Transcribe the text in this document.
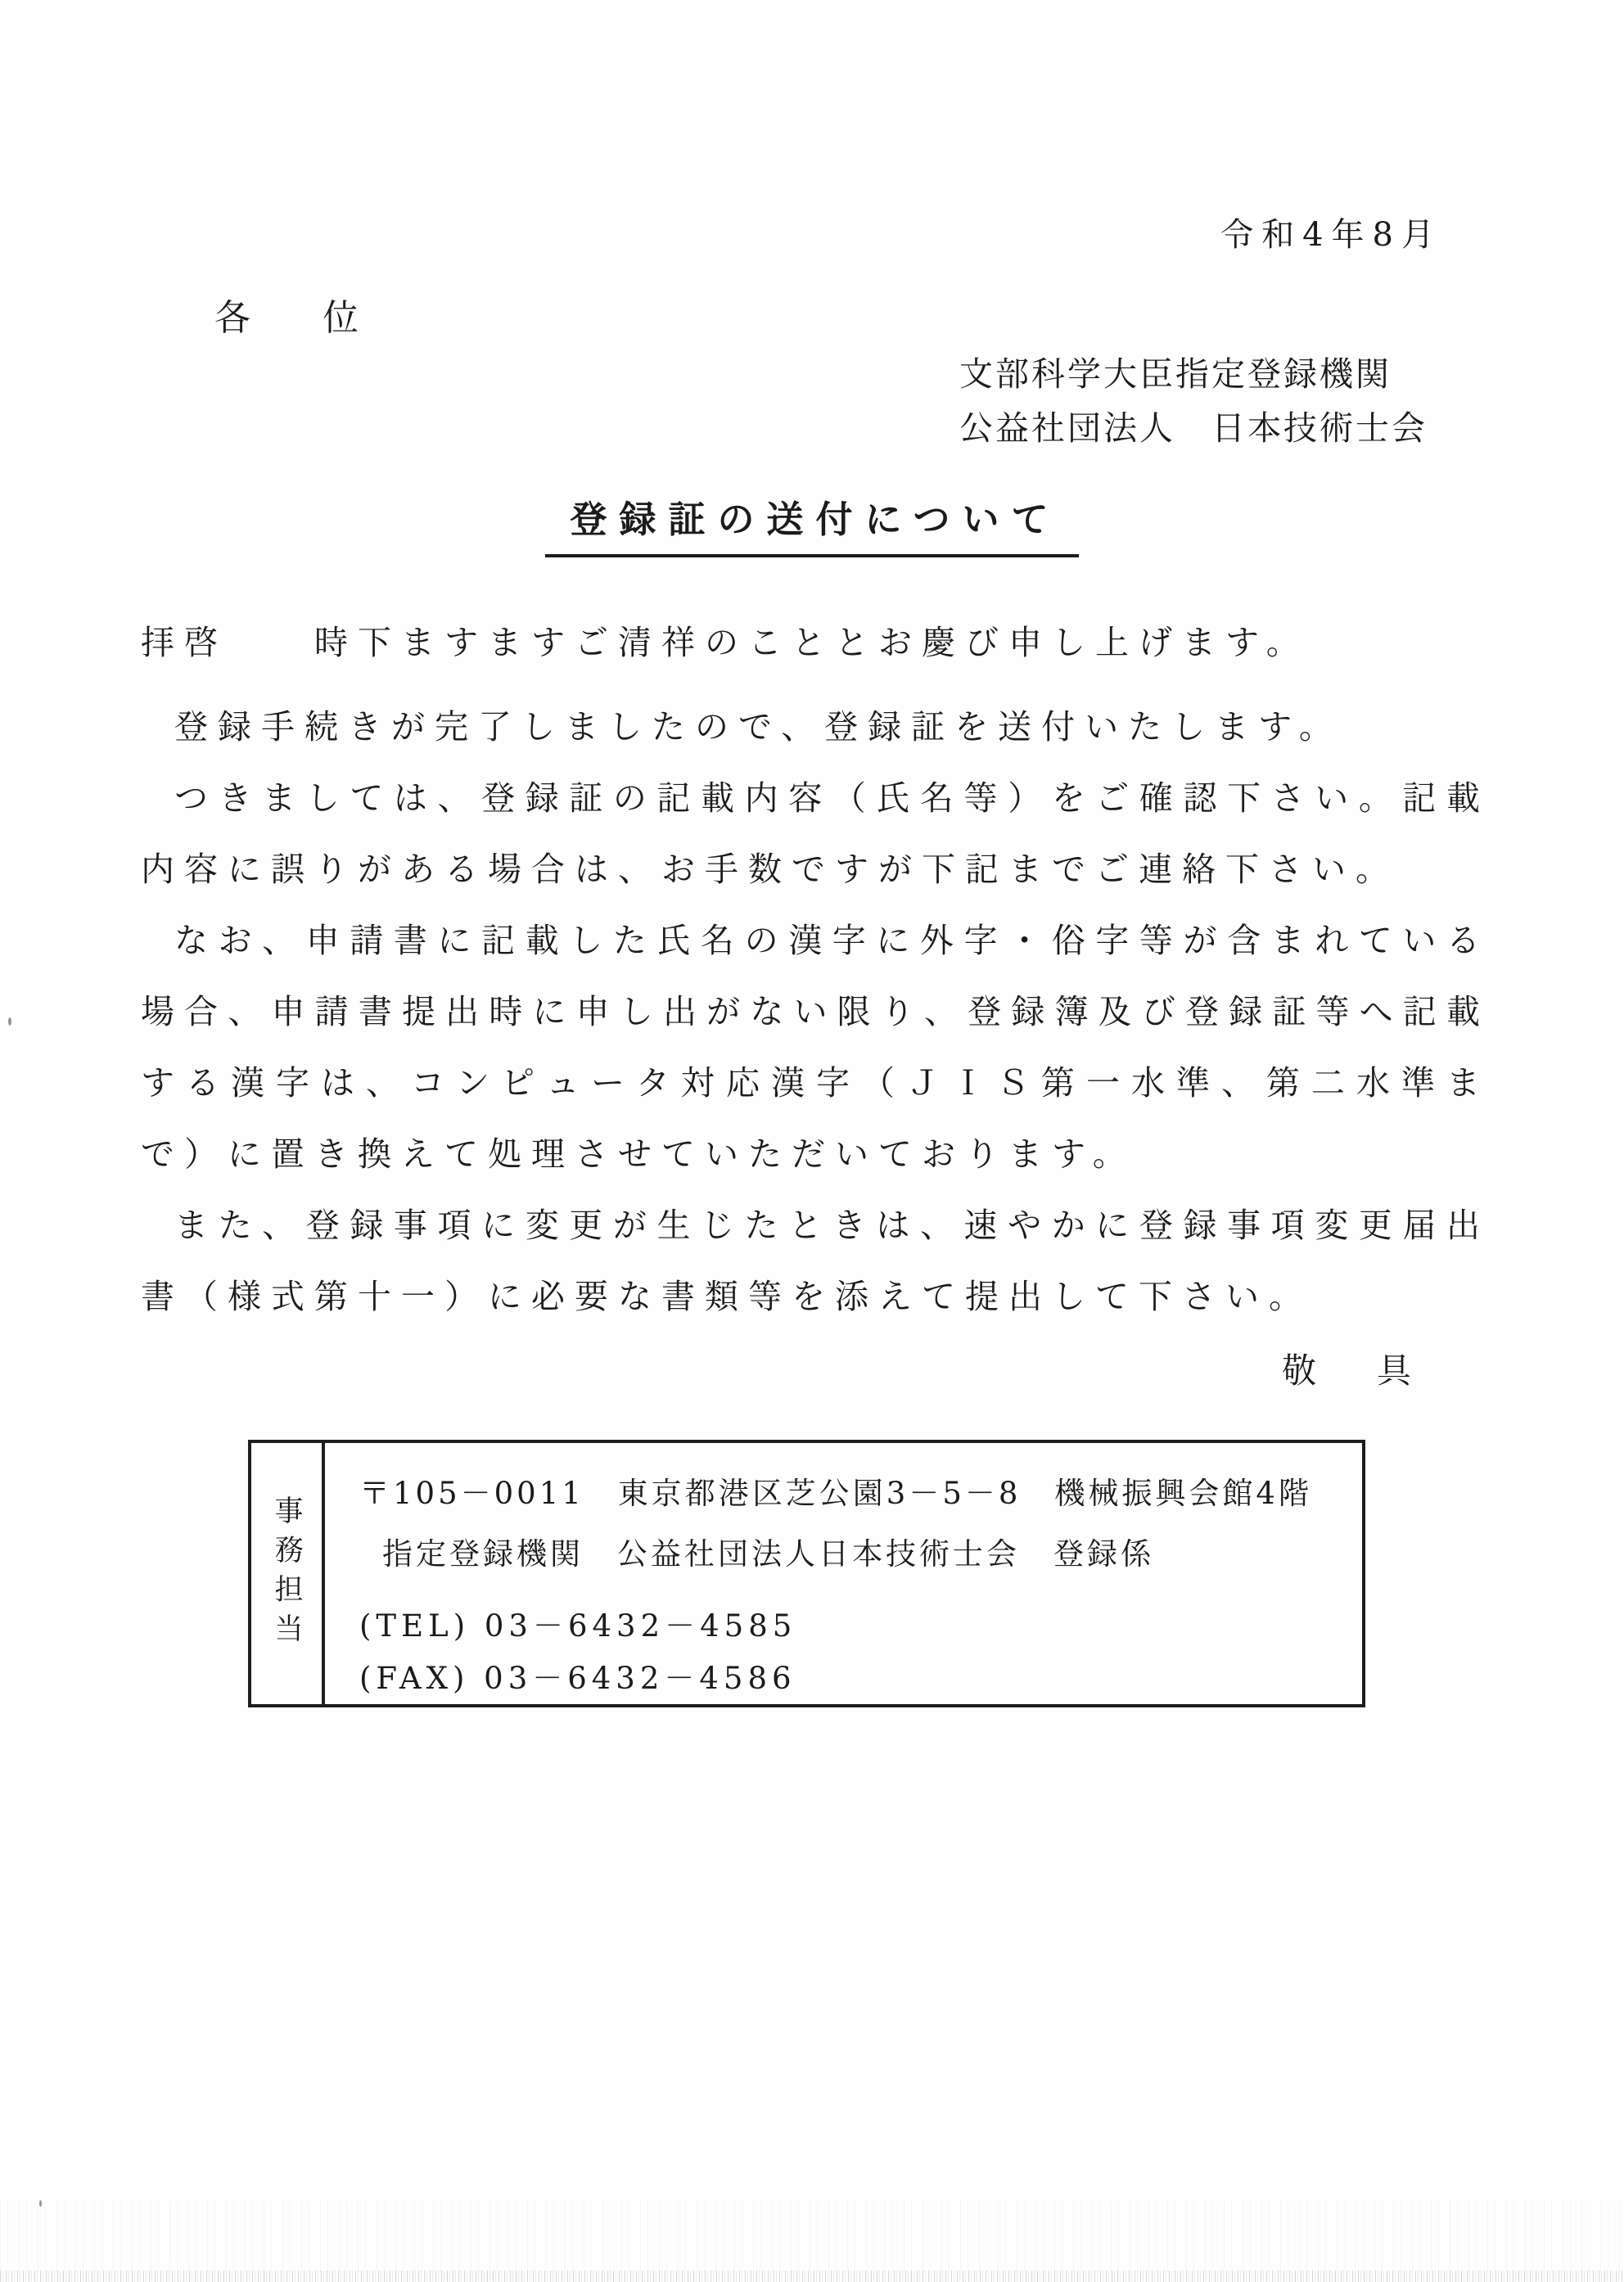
令和4年8月
各　位
文部科学大臣指定登録機関
公益社団法人　日本技術士会
登録証の送付について

拝啓　　時下ますますご清祥のこととお慶び申し上げます。

登録手続きが完了しましたので、登録証を送付いたします。

つきましては、登録証の記載内容（氏名等）をご確認下さい。記載内容に誤りがある場合は、お手数ですが下記までご連絡下さい。

なお、申請書に記載した氏名の漢字に外字・俗字等が含まれている場合、申請書提出時に申し出がない限り、登録簿及び登録証等へ記載する漢字は、コンピュータ対応漢字（ＪＩＳ第一水準、第二水準まで）に置き換えて処理させていただいております。

また、登録事項に変更が生じたときは、速やかに登録事項変更届出書（様式第十一）に必要な書類等を添えて提出して下さい。

敬　具
事務担当
〒105－0011　東京都港区芝公園3－5－8　機械振興会館4階
指定登録機関　公益社団法人日本技術士会　登録係
(TEL) 03－6432－4585
(FAX) 03－6432－4586
